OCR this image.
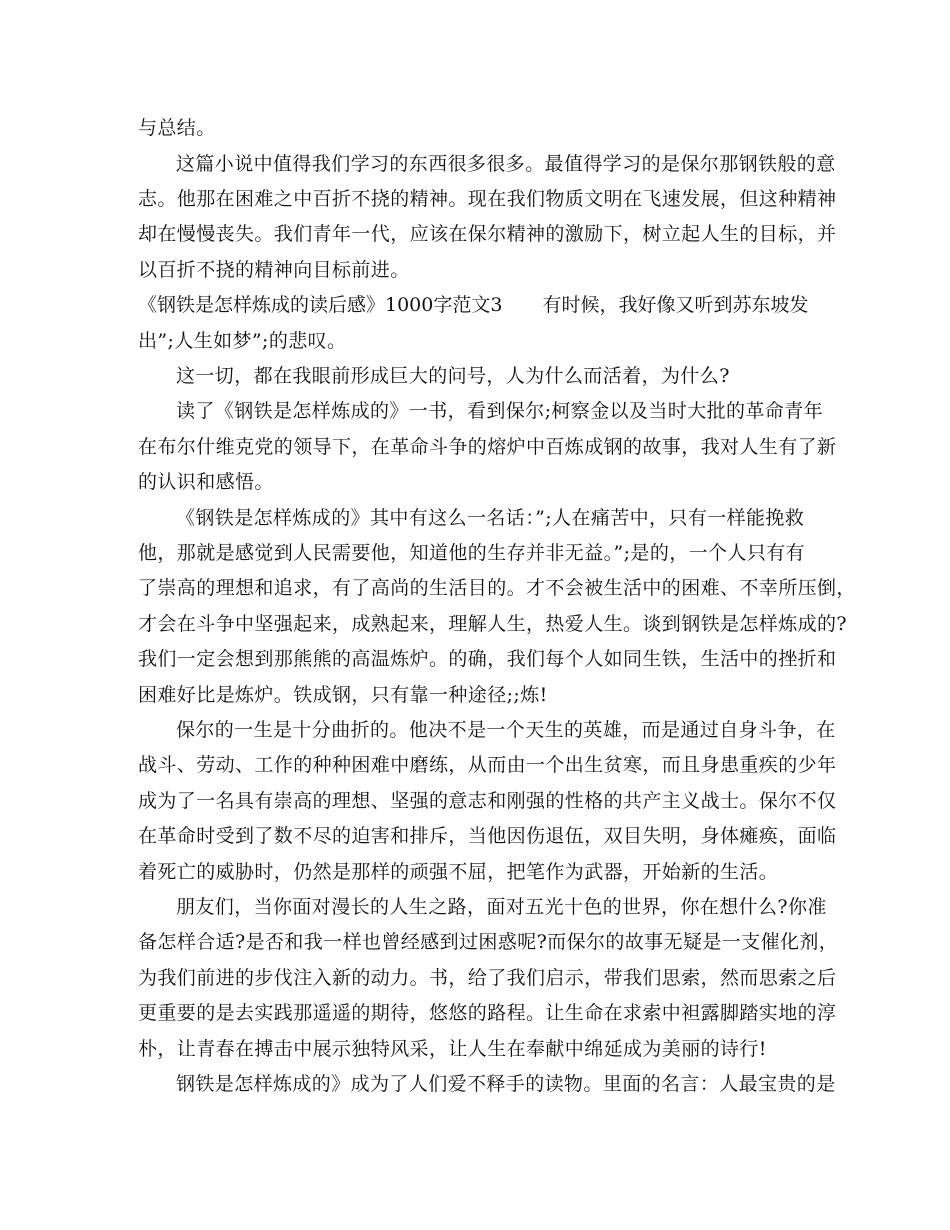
与总结。
这篇小说中值得我们学习的东西很多很多。最值得学习的是保尔那钢铁般的意
志。他那在困难之中百折不挠的精神。现在我们物质文明在飞速发展，但这种精神
却在慢慢丧失。我们青年一代，应该在保尔精神的激励下，树立起人生的目标，并
以百折不挠的精神向目标前进。
《钢铁是怎样炼成的读后感》1000字范文3 有时候，我好像又听到苏东坡发
出”;人生如梦”;的悲叹。
这一切，都在我眼前形成巨大的问号，人为什么而活着，为什么?
读了《钢铁是怎样炼成的》一书，看到保尔;柯察金以及当时大批的革命青年
在布尔什维克党的领导下，在革命斗争的熔炉中百炼成钢的故事，我对人生有了新
的认识和感悟。
《钢铁是怎样炼成的》其中有这么一名话：”;人在痛苦中，只有一样能挽救
他，那就是感觉到人民需要他，知道他的生存并非无益。”;是的，一个人只有有
了崇高的理想和追求，有了高尚的生活目的。才不会被生活中的困难、不幸所压倒，
才会在斗争中坚强起来，成熟起来，理解人生，热爱人生。谈到钢铁是怎样炼成的?
我们一定会想到那熊熊的高温炼炉。的确，我们每个人如同生铁，生活中的挫折和
困难好比是炼炉。铁成钢，只有靠一种途径;;炼!
保尔的一生是十分曲折的。他决不是一个天生的英雄，而是通过自身斗争，在
战斗、劳动、工作的种种困难中磨练，从而由一个出生贫寒，而且身患重疾的少年
成为了一名具有崇高的理想、坚强的意志和刚强的性格的共产主义战士。保尔不仅
在革命时受到了数不尽的迫害和排斥，当他因伤退伍，双目失明，身体瘫痪，面临
着死亡的威胁时，仍然是那样的顽强不屈，把笔作为武器，开始新的生活。
朋友们，当你面对漫长的人生之路，面对五光十色的世界，你在想什么?你准
备怎样合适?是否和我一样也曾经感到过困惑呢?而保尔的故事无疑是一支催化剂，
为我们前进的步伐注入新的动力。书，给了我们启示，带我们思索，然而思索之后
更重要的是去实践那遥遥的期待，悠悠的路程。让生命在求索中袒露脚踏实地的淳
朴，让青春在搏击中展示独特风采，让人生在奉献中绵延成为美丽的诗行!
钢铁是怎样炼成的》成为了人们爱不释手的读物。里面的名言：人最宝贵的是
